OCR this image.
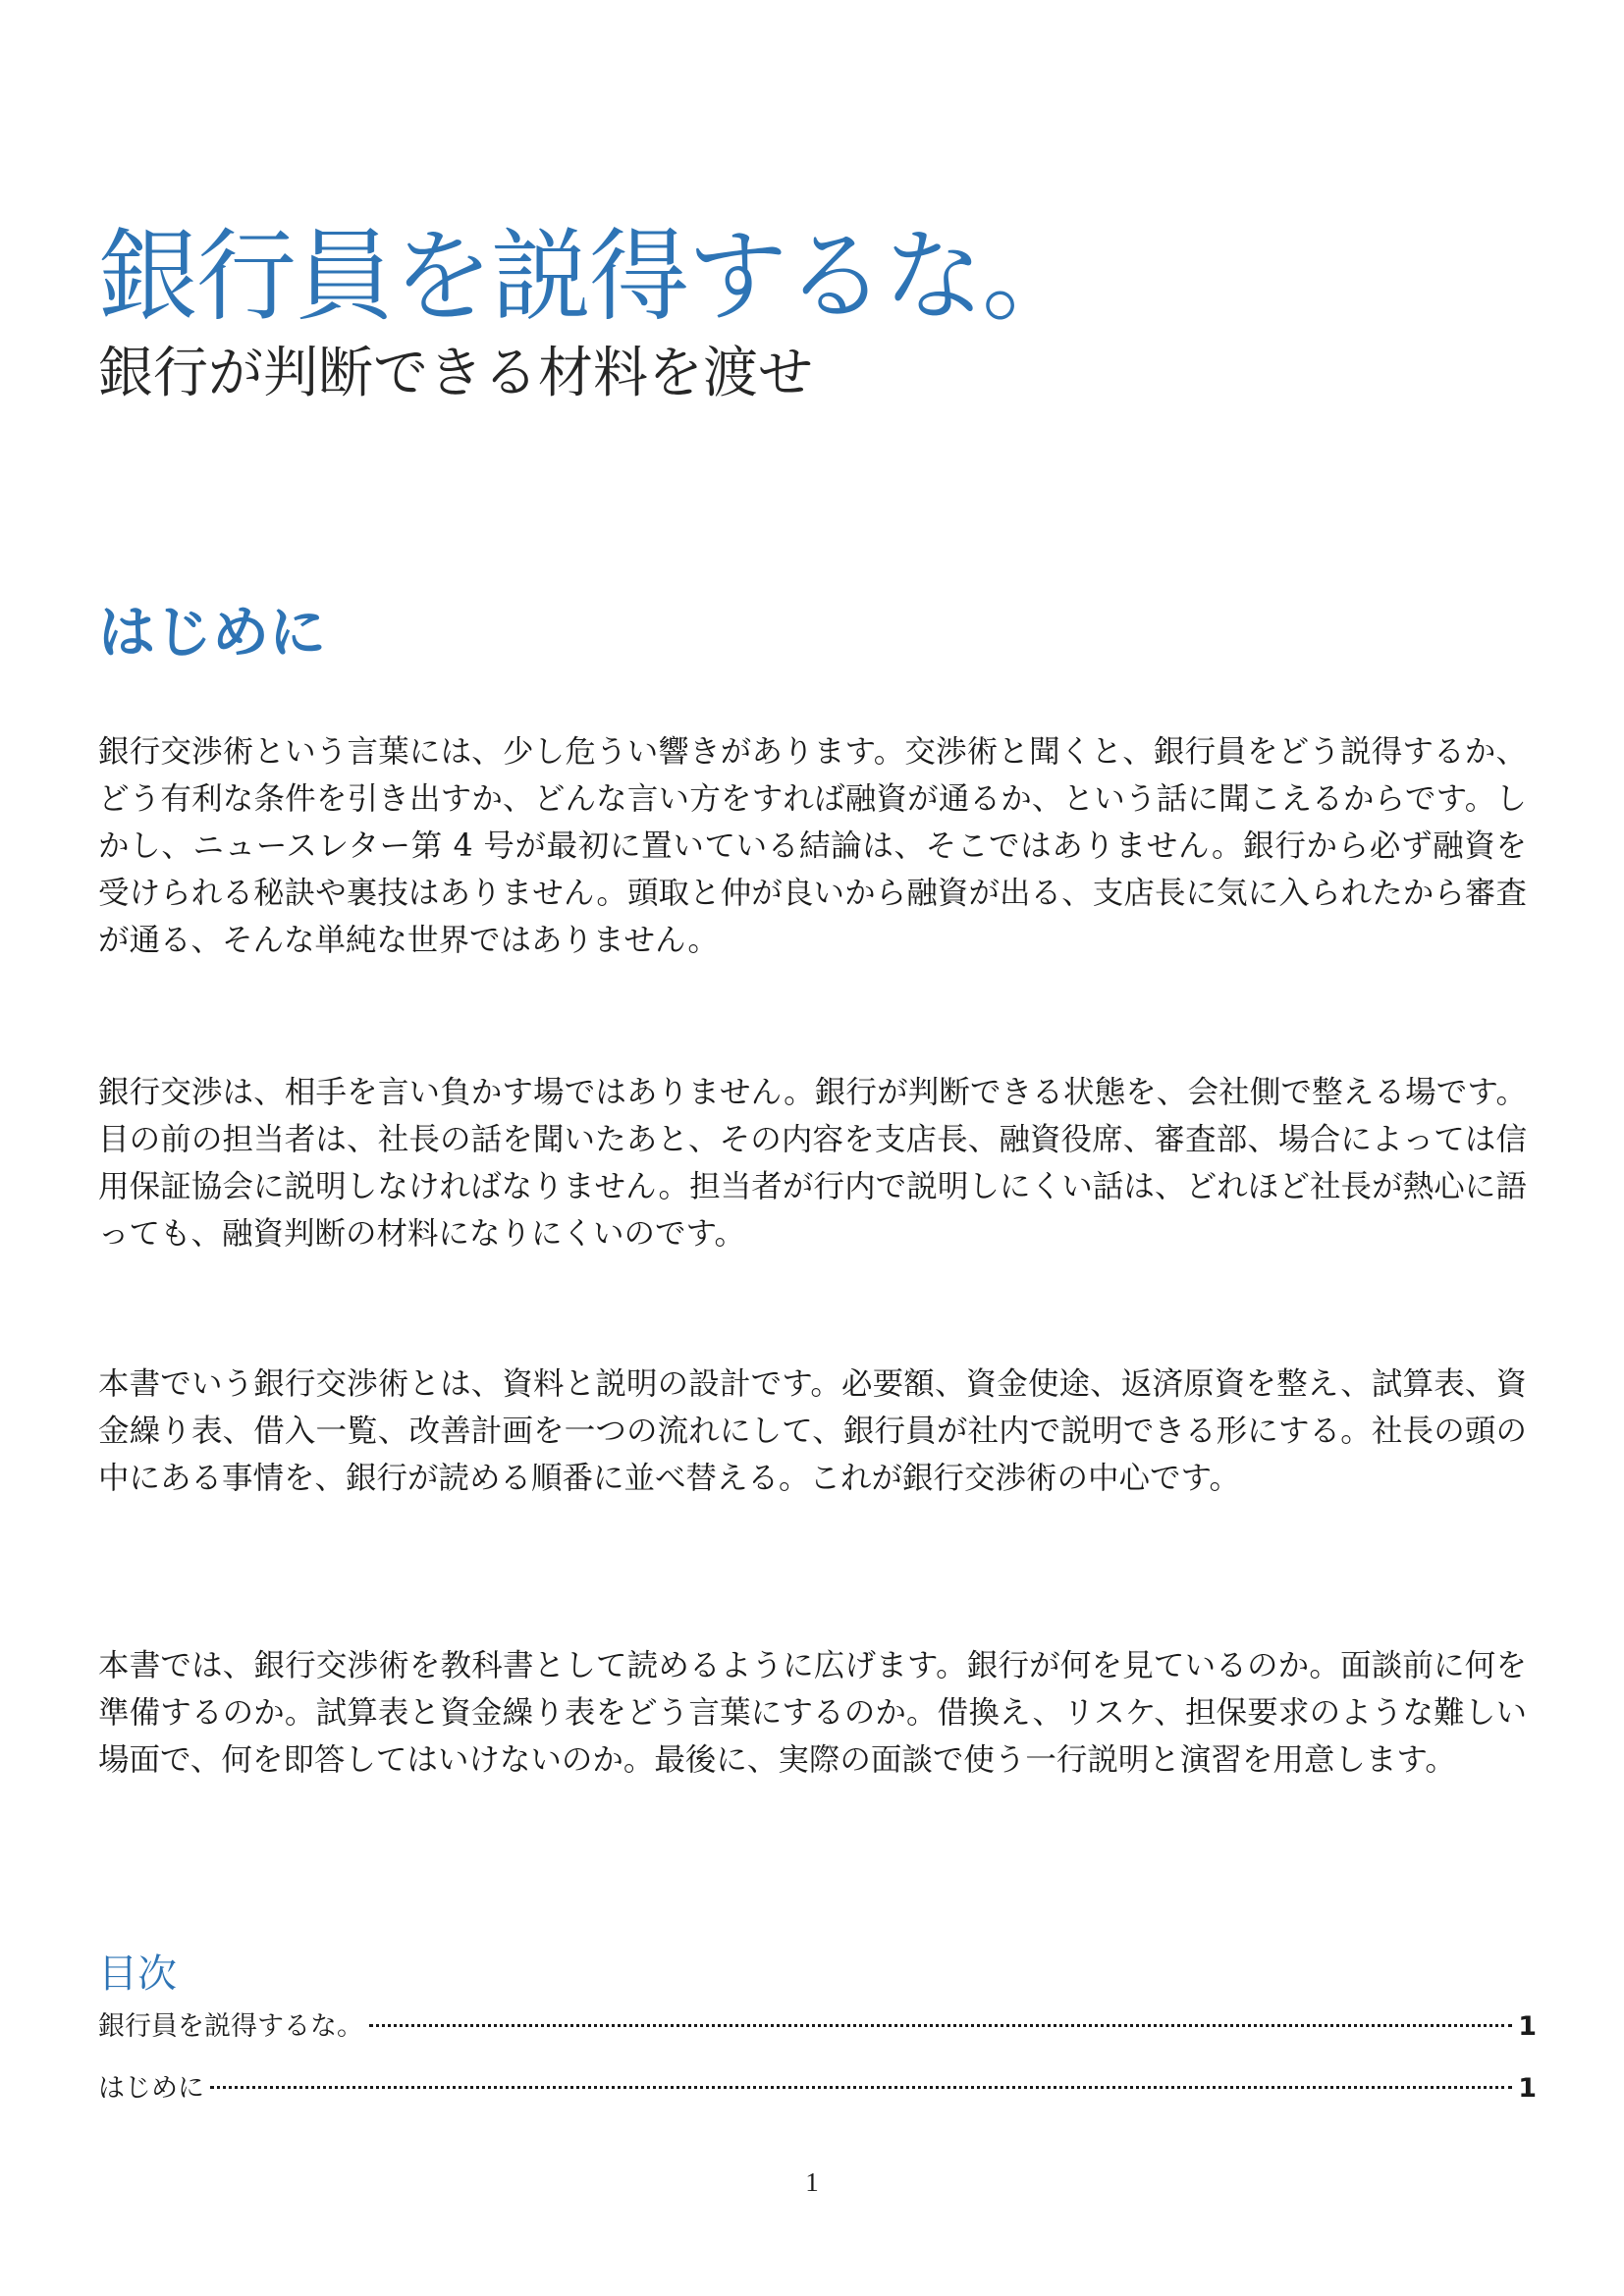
銀行員を説得するな。
銀行が判断できる材料を渡せ
はじめに

銀行交渉術という言葉には、少し危うい響きがあります。交渉術と聞くと、銀行員をどう説得するか、どう有利な条件を引き出すか、どんな言い方をすれば融資が通るか、という話に聞こえるからです。しかし、ニュースレター第 4 号が最初に置いている結論は、そこではありません。銀行から必ず融資を受けられる秘訣や裏技はありません。頭取と仲が良いから融資が出る、支店長に気に入られたから審査が通る、そんな単純な世界ではありません。

銀行交渉は、相手を言い負かす場ではありません。銀行が判断できる状態を、会社側で整える場です。目の前の担当者は、社長の話を聞いたあと、その内容を支店長、融資役席、審査部、場合によっては信用保証協会に説明しなければなりません。担当者が行内で説明しにくい話は、どれほど社長が熱心に語っても、融資判断の材料になりにくいのです。

本書でいう銀行交渉術とは、資料と説明の設計です。必要額、資金使途、返済原資を整え、試算表、資金繰り表、借入一覧、改善計画を一つの流れにして、銀行員が社内で説明できる形にする。社長の頭の中にある事情を、銀行が読める順番に並べ替える。これが銀行交渉術の中心です。

本書では、銀行交渉術を教科書として読めるように広げます。銀行が何を見ているのか。面談前に何を準備するのか。試算表と資金繰り表をどう言葉にするのか。借換え、リスケ、担保要求のような難しい場面で、何を即答してはいけないのか。最後に、実際の面談で使う一行説明と演習を用意します。

目次
銀行員を説得するな。	1
はじめに	1
1
